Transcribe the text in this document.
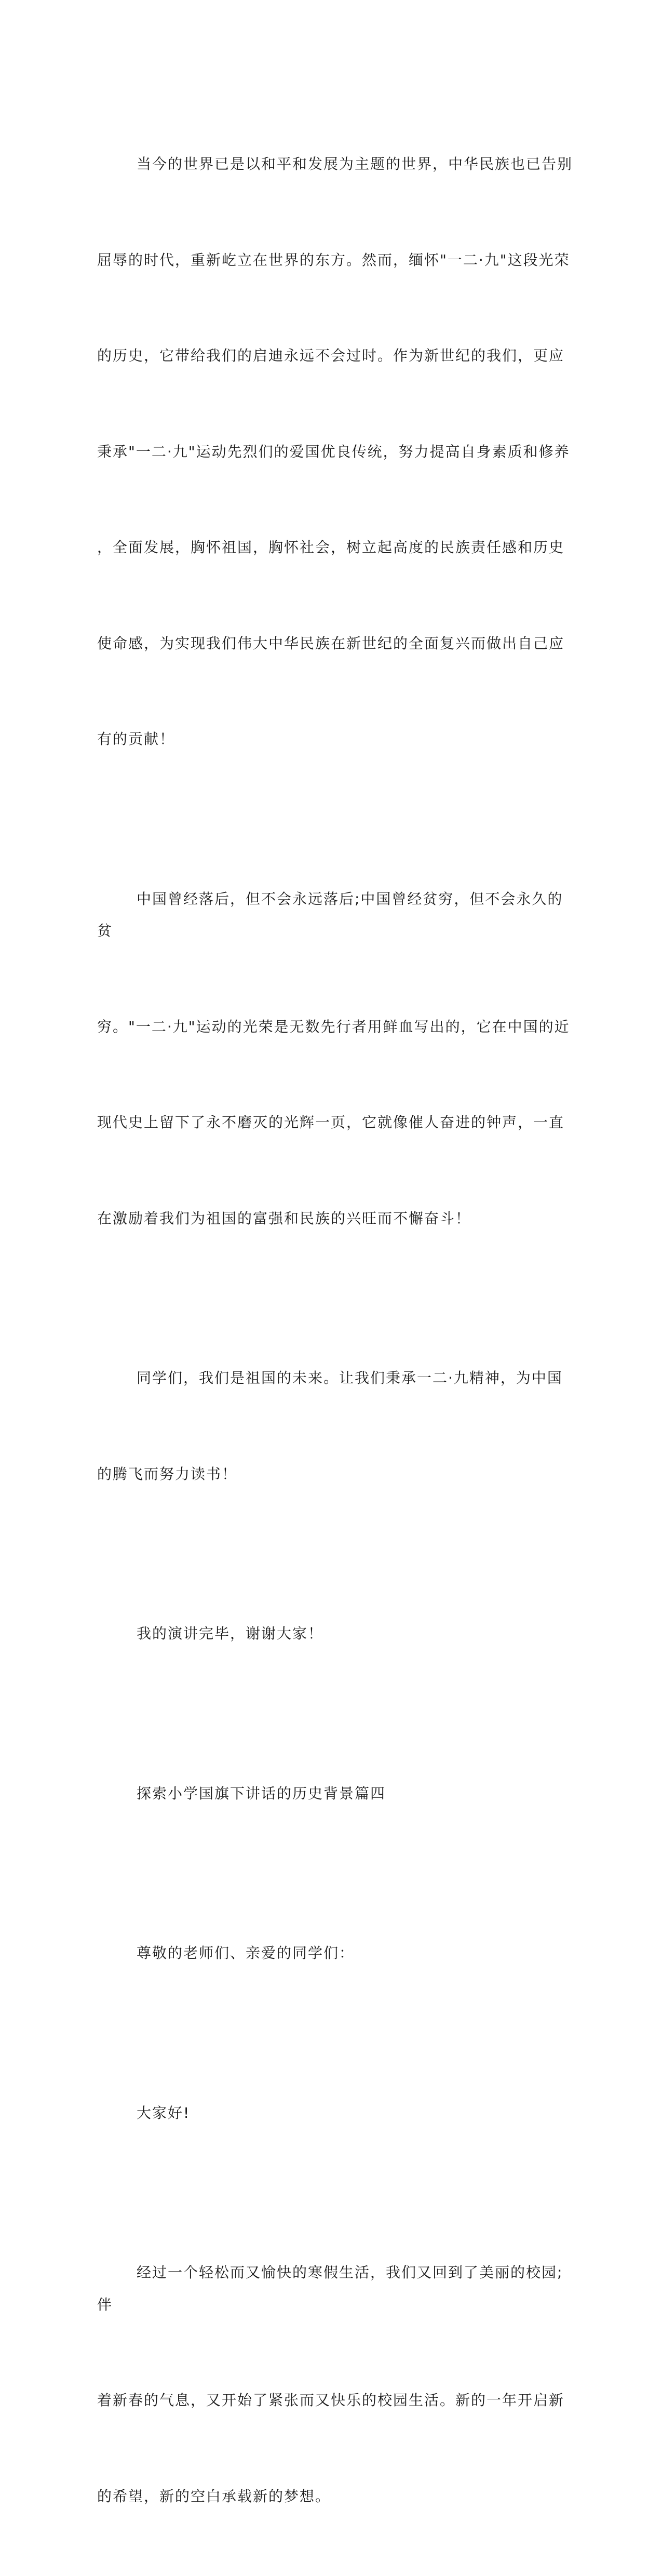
当今的世界已是以和平和发展为主题的世界，中华民族也已告别

屈辱的时代，重新屹立在世界的东方。然而，缅怀"一二·九"这段光荣

的历史，它带给我们的启迪永远不会过时。作为新世纪的我们，更应

秉承"一二·九"运动先烈们的爱国优良传统，努力提高自身素质和修养

，全面发展，胸怀祖国，胸怀社会，树立起高度的民族责任感和历史

使命感，为实现我们伟大中华民族在新世纪的全面复兴而做出自己应

有的贡献！

中国曾经落后，但不会永远落后;中国曾经贫穷，但不会永久的贫

穷。"一二·九"运动的光荣是无数先行者用鲜血写出的，它在中国的近

现代史上留下了永不磨灭的光辉一页，它就像催人奋进的钟声，一直

在激励着我们为祖国的富强和民族的兴旺而不懈奋斗！

同学们，我们是祖国的未来。让我们秉承一二·九精神，为中国

的腾飞而努力读书！

我的演讲完毕，谢谢大家！

探索小学国旗下讲话的历史背景篇四

尊敬的老师们、亲爱的同学们：

大家好!

经过一个轻松而又愉快的寒假生活，我们又回到了美丽的校园;伴

着新春的气息，又开始了紧张而又快乐的校园生活。新的一年开启新

的希望，新的空白承载新的梦想。
